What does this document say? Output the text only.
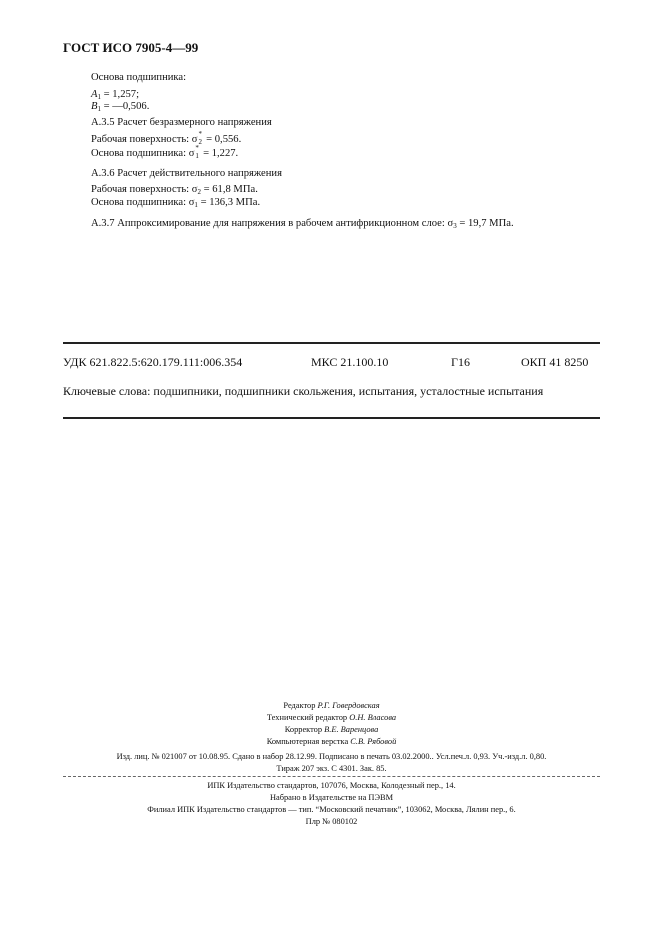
ГОСТ ИСО 7905-4—99
Основа подшипника:
$A_1 = 1,257$;
$B_1$ = —0,506.
А.3.5 Расчет безразмерного напряжения
Рабочая поверхность: σ *
2 = 0,556.
Основа подшипника: σ *
1 = 1,227.
А.3.6 Расчет действительного напряжения
Рабочая поверхность: $\sigma_2 = 61,8$ МПа.
Основа подшипника: $\sigma_1 = 136,3$ МПа.
А.3.7 Аппроксимирование для напряжения в рабочем антифрикционном слое: $\sigma_3 = 19,7$ МПа.
УДК 621.822.5:620.179.111:006.354	МКС 21.100.10	Г16	ОКП 41 8250
Ключевые слова: подшипники, подшипники скольжения, испытания, усталостные испытания
Редактор Р.Г. Говердовская
Технический редактор О.Н. Власова
Корректор В.Е. Варенцова
Компьютерная верстка С.В. Рябовой
Изд. лиц. № 021007 от 10.08.95. Сдано в набор 28.12.99. Подписано в печать 03.02.2000.. Усл.печ.л. 0,93. Уч.-изд.л. 0,80.
Тираж 207 экз. С 4301. Зак. 85.
ИПК Издательство стандартов, 107076, Москва, Колодезный пер., 14.
Набрано в Издательстве на ПЭВМ
Филиал ИПК Издательство стандартов — тип. “Московский печатник”, 103062, Москва, Лялин пер., 6.
Плр № 080102
